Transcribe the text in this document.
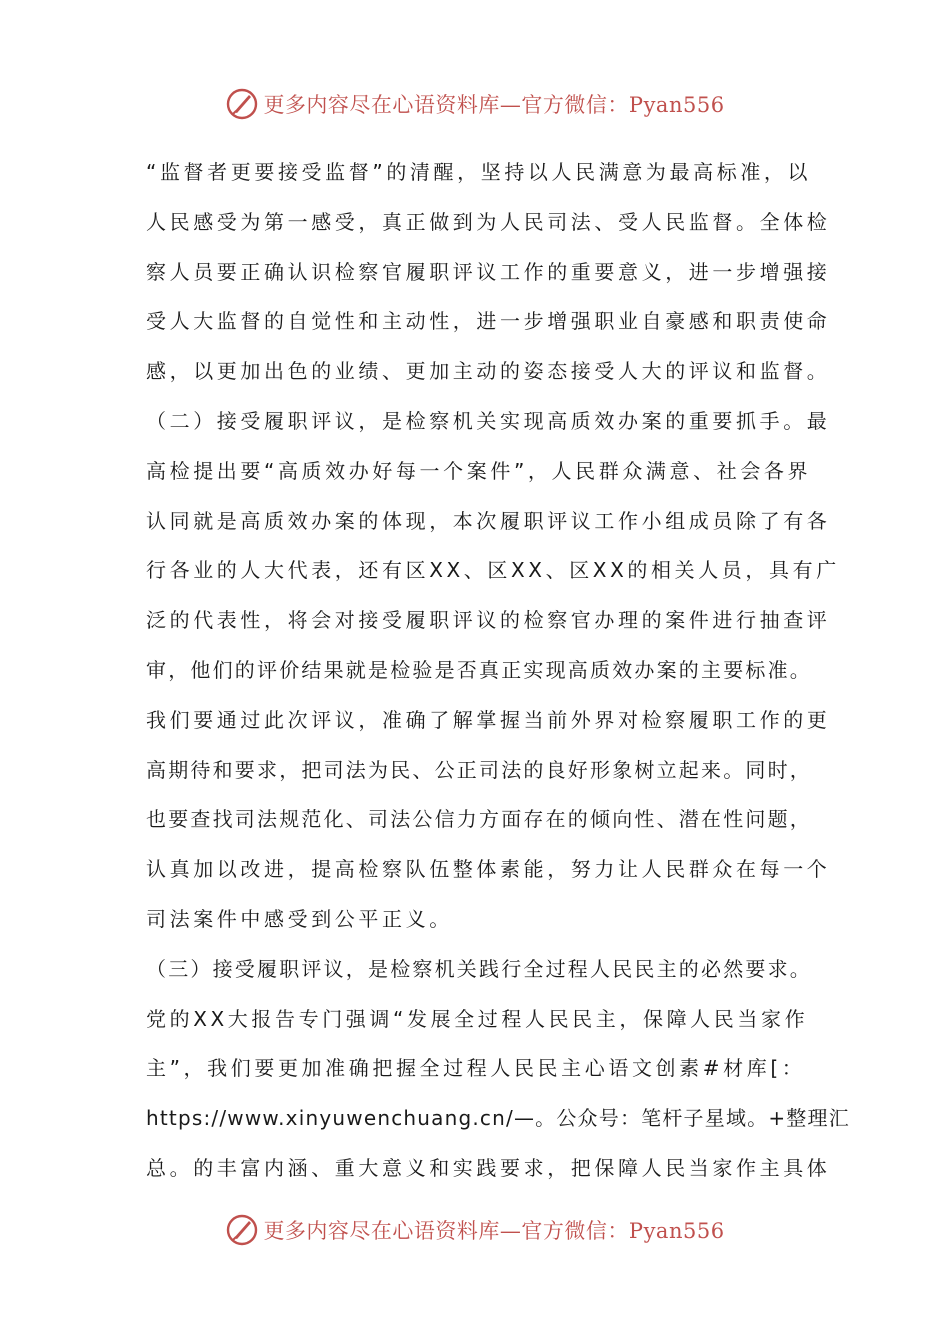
更多内容尽在心语资料库—官方微信：Pyan556
“监督者更要接受监督”的清醒，坚持以人民满意为最高标准，以
人民感受为第一感受，真正做到为人民司法、受人民监督。全体检
察人员要正确认识检察官履职评议工作的重要意义，进一步增强接
受人大监督的自觉性和主动性，进一步增强职业自豪感和职责使命
感，以更加出色的业绩、更加主动的姿态接受人大的评议和监督。
（二）接受履职评议，是检察机关实现高质效办案的重要抓手。最
高检提出要“高质效办好每一个案件”，人民群众满意、社会各界
认同就是高质效办案的体现，本次履职评议工作小组成员除了有各
行各业的人大代表，还有区XX、区XX、区XX的相关人员，具有广
泛的代表性，将会对接受履职评议的检察官办理的案件进行抽查评
审，他们的评价结果就是检验是否真正实现高质效办案的主要标准。
我们要通过此次评议，准确了解掌握当前外界对检察履职工作的更
高期待和要求，把司法为民、公正司法的良好形象树立起来。同时，
也要查找司法规范化、司法公信力方面存在的倾向性、潜在性问题，
认真加以改进，提高检察队伍整体素能，努力让人民群众在每一个
司法案件中感受到公平正义。
（三）接受履职评议，是检察机关践行全过程人民民主的必然要求。
党的XX大报告专门强调“发展全过程人民民主，保障人民当家作
主”，我们要更加准确把握全过程人民民主心语文创素#材库[：
https://www.xinyuwenchuang.cn/—。公众号：笔杆子星域。+整理汇
总。的丰富内涵、重大意义和实践要求，把保障人民当家作主具体
更多内容尽在心语资料库—官方微信：Pyan556
